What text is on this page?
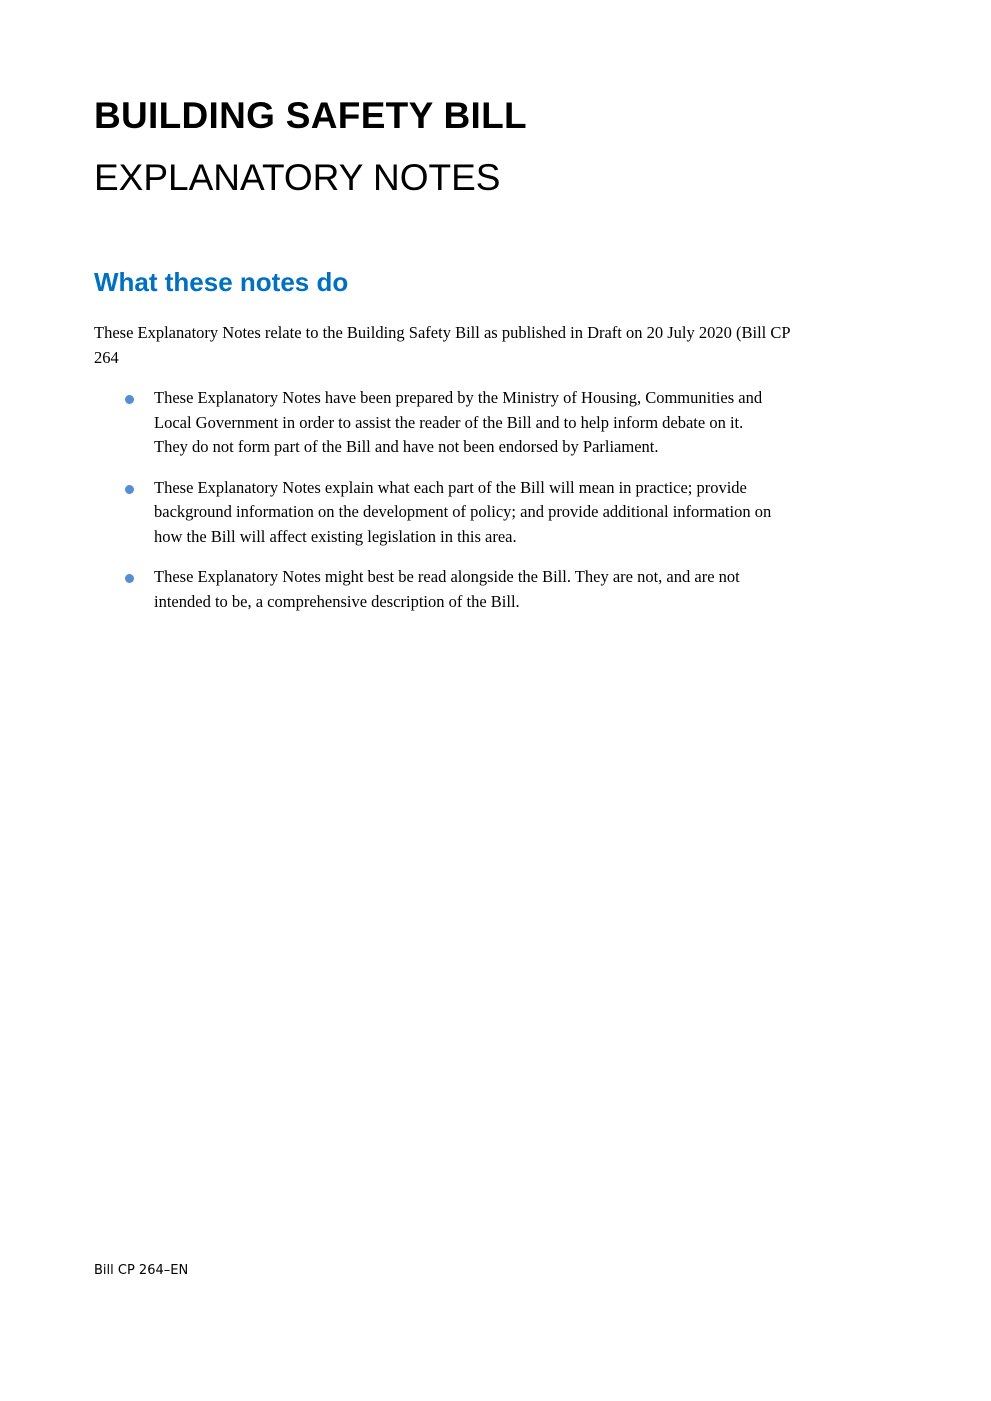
BUILDING SAFETY BILL
EXPLANATORY NOTES
What these notes do

These Explanatory Notes relate to the Building Safety Bill as published in Draft on 20 July 2020 (Bill CP
264

These Explanatory Notes have been prepared by the Ministry of Housing, Communities and
Local Government in order to assist the reader of the Bill and to help inform debate on it.
They do not form part of the Bill and have not been endorsed by Parliament.
These Explanatory Notes explain what each part of the Bill will mean in practice; provide
background information on the development of policy; and provide additional information on
how the Bill will affect existing legislation in this area.
These Explanatory Notes might best be read alongside the Bill. They are not, and are not
intended to be, a comprehensive description of the Bill.
Bill CP 264–EN
